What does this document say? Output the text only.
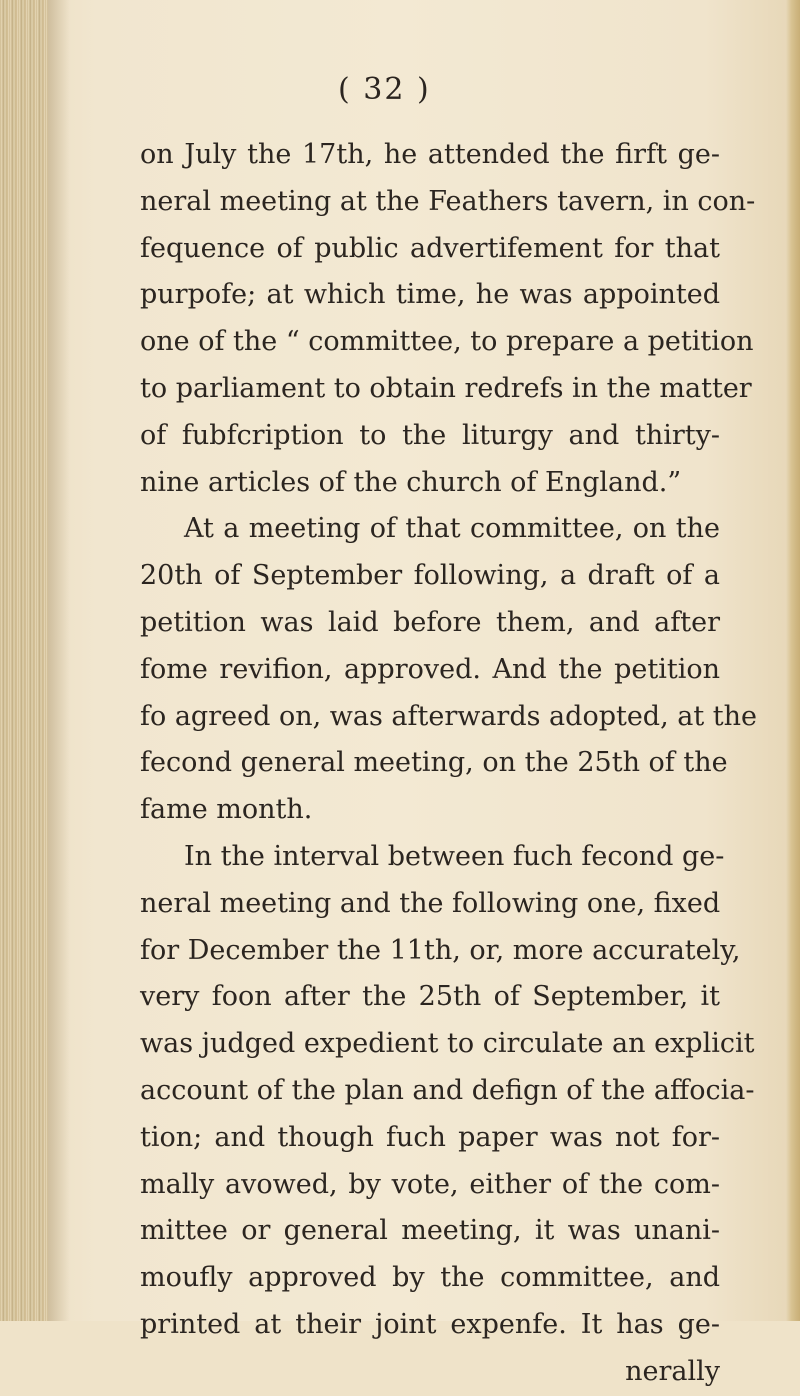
( 32 )
on July the 17th, he attended the firft ge-
neral meeting at the Feathers tavern, in con-
fequence of public advertifement for that
purpofe; at which time, he was appointed
one of the “ committee, to prepare a petition
to parliament to obtain redrefs in the matter
of fubfcription to the liturgy and thirty-
nine articles of the church of England.”
At a meeting of that committee, on the
20th of September following, a draft of a
petition was laid before them, and after
fome revifion, approved. And the petition
fo agreed on, was afterwards adopted, at the
fecond general meeting, on the 25th of the
fame month.
In the interval between fuch fecond ge-
neral meeting and the following one, fixed
for December the 11th, or, more accurately,
very foon after the 25th of September, it
was judged expedient to circulate an explicit
account of the plan and defign of the affocia-
tion; and though fuch paper was not for-
mally avowed, by vote, either of the com-
mittee or general meeting, it was unani-
moufly approved by the committee, and
printed at their joint expenfe. It has ge-
nerally
